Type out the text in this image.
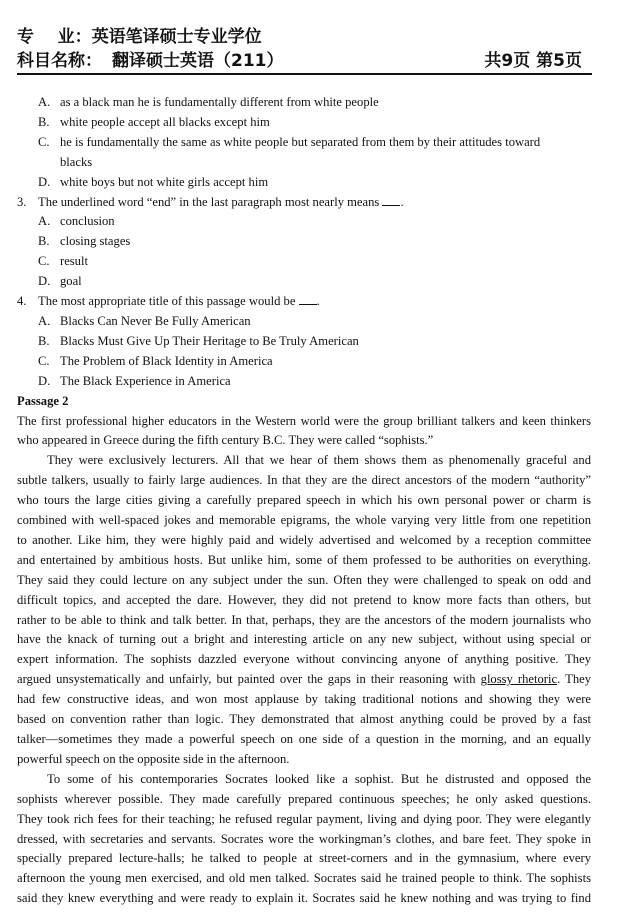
专    业：英语笔译硕士专业学位
科目名称： 翻译硕士英语（211）	共9页 第5页
A. as a black man he is fundamentally different from white people
B. white people accept all blacks except him
C. he is fundamentally the same as white people but separated from them by their attitudes toward
blacks
D. white boys but not white girls accept him
3. The underlined word “end” in the last paragraph most nearly means .
A. conclusion
B. closing stages
C. result
D. goal
4. The most appropriate title of this passage would be .
A. Blacks Can Never Be Fully American
B. Blacks Must Give Up Their Heritage to Be Truly American
C. The Problem of Black Identity in America
D. The Black Experience in America
Passage 2
The first professional higher educators in the Western world were the group brilliant talkers and keen thinkers
who appeared in Greece during the fifth century B.C. They were called “sophists.”
They were exclusively lecturers. All that we hear of them shows them as phenomenally graceful and
subtle talkers, usually to fairly large audiences. In that they are the direct ancestors of the modern “authority”
who tours the large cities giving a carefully prepared speech in which his own personal power or charm is
combined with well-spaced jokes and memorable epigrams, the whole varying very little from one repetition
to another. Like him, they were highly paid and widely advertised and welcomed by a reception committee
and entertained by ambitious hosts. But unlike him, some of them professed to be authorities on everything.
They said they could lecture on any subject under the sun. Often they were challenged to speak on odd and
difficult topics, and accepted the dare. However, they did not pretend to know more facts than others, but
rather to be able to think and talk better. In that, perhaps, they are the ancestors of the modern journalists who
have the knack of turning out a bright and interesting article on any new subject, without using special or
expert information. The sophists dazzled everyone without convincing anyone of anything positive. They
argued unsystematically and unfairly, but painted over the gaps in their reasoning with glossy rhetoric. They
had few constructive ideas, and won most applause by taking traditional notions and showing they were
based on convention rather than logic. They demonstrated that almost anything could be proved by a fast
talker—sometimes they made a powerful speech on one side of a question in the morning, and an equally
powerful speech on the opposite side in the afternoon.
To some of his contemporaries Socrates looked like a sophist. But he distrusted and opposed the
sophists wherever possible. They made carefully prepared continuous speeches; he only asked questions.
They took rich fees for their teaching; he refused regular payment, living and dying poor. They were elegantly
dressed, with secretaries and servants. Socrates wore the workingman’s clothes, and bare feet. They spoke in
specially prepared lecture-halls; he talked to people at street-corners and in the gymnasium, where every
afternoon the young men exercised, and old men talked. Socrates said he trained people to think. The sophists
said they knew everything and were ready to explain it. Socrates said he knew nothing and was trying to find
